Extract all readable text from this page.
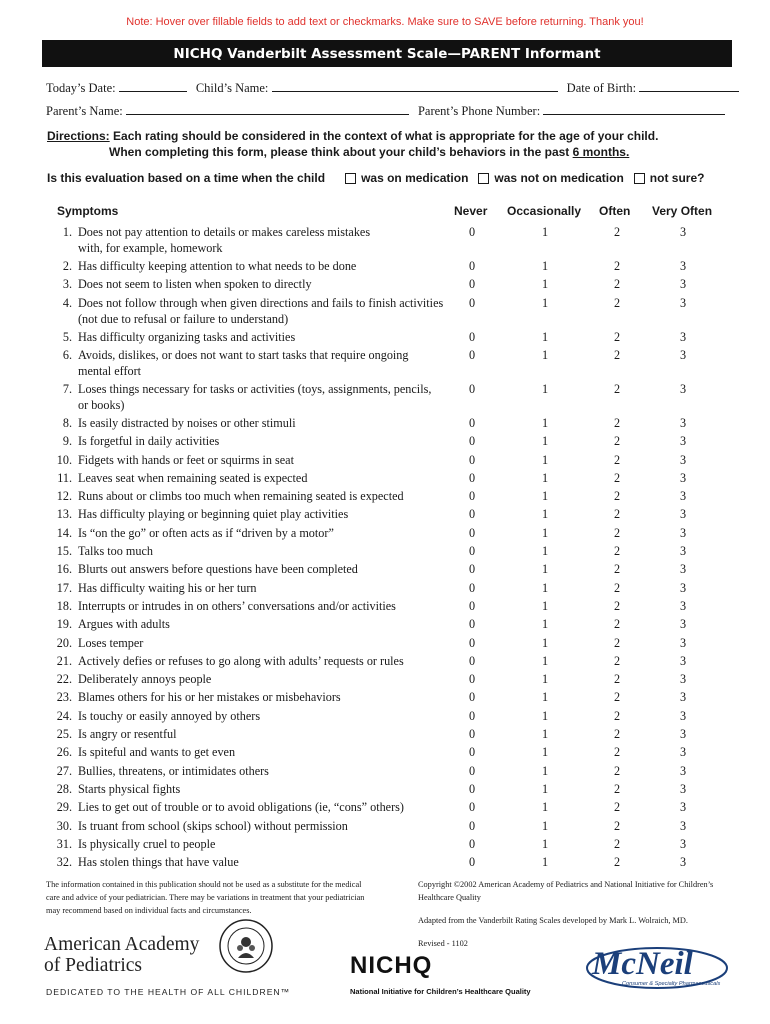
Note: Hover over fillable fields to add text or checkmarks. Make sure to SAVE before returning. Thank you!
NICHQ Vanderbilt Assessment Scale—PARENT Informant
Today’s Date:	Child’s Name:	Date of Birth:
Parent’s Name:	Parent’s Phone Number:
Directions: Each rating should be considered in the context of what is appropriate for the age of your child.
When completing this form, please think about your child’s behaviors in the past 6 months.
Is this evaluation based on a time when the child	was on medication was not on medication not sure?
Symptoms	Never Occasionally Often Very Often
1. Does not pay attention to details or makes careless mistakes
with, for example, homework
0	1	2	3
2. Has difficulty keeping attention to what needs to be done	0	1	2	3
3. Does not seem to listen when spoken to directly	0	1	2	3
4. Does not follow through when given directions and fails to finish activities
(not due to refusal or failure to understand)
0	1	2	3
5. Has difficulty organizing tasks and activities	0	1	2	3
6. Avoids, dislikes, or does not want to start tasks that require ongoing
mental effort
0	1	2	3
7. Loses things necessary for tasks or activities (toys, assignments, pencils,
or books)
0	1	2	3
8. Is easily distracted by noises or other stimuli	0	1	2	3
9. Is forgetful in daily activities	0	1	2	3
10. Fidgets with hands or feet or squirms in seat	0	1	2	3
11. Leaves seat when remaining seated is expected	0	1	2	3
12. Runs about or climbs too much when remaining seated is expected	0	1	2	3
13. Has difficulty playing or beginning quiet play activities	0	1	2	3
14. Is “on the go” or often acts as if “driven by a motor”	0	1	2	3
15. Talks too much	0	1	2	3
16. Blurts out answers before questions have been completed	0	1	2	3
17. Has difficulty waiting his or her turn	0	1	2	3
18. Interrupts or intrudes in on others’ conversations and/or activities	0	1	2	3
19. Argues with adults	0	1	2	3
20. Loses temper	0	1	2	3
21. Actively defies or refuses to go along with adults’ requests or rules	0	1	2	3
22. Deliberately annoys people	0	1	2	3
23. Blames others for his or her mistakes or misbehaviors	0	1	2	3
24. Is touchy or easily annoyed by others	0	1	2	3
25. Is angry or resentful	0	1	2	3
26. Is spiteful and wants to get even	0	1	2	3
27. Bullies, threatens, or intimidates others	0	1	2	3
28. Starts physical fights	0	1	2	3
29. Lies to get out of trouble or to avoid obligations (ie, “cons” others)	0	1	2	3
30. Is truant from school (skips school) without permission	0	1	2	3
31. Is physically cruel to people	0	1	2	3
32. Has stolen things that have value	0	1	2	3
The information contained in this publication should not be used as a substitute for the medical care and advice of your pediatrician. There may be variations in treatment that your pediatrician may recommend based on individual facts and circumstances.

Copyright ©2002 American Academy of Pediatrics and National Initiative for Children’s Healthcare Quality

Adapted from the Vanderbilt Rating Scales developed by Mark L. Wolraich, MD.

Revised - 1102

American Academy
of Pediatrics
DEDICATED TO THE HEALTH OF ALL CHILDREN™
NICHQ
National Initiative for Children’s Healthcare Quality
McNeil
Consumer & Specialty Pharmaceuticals
